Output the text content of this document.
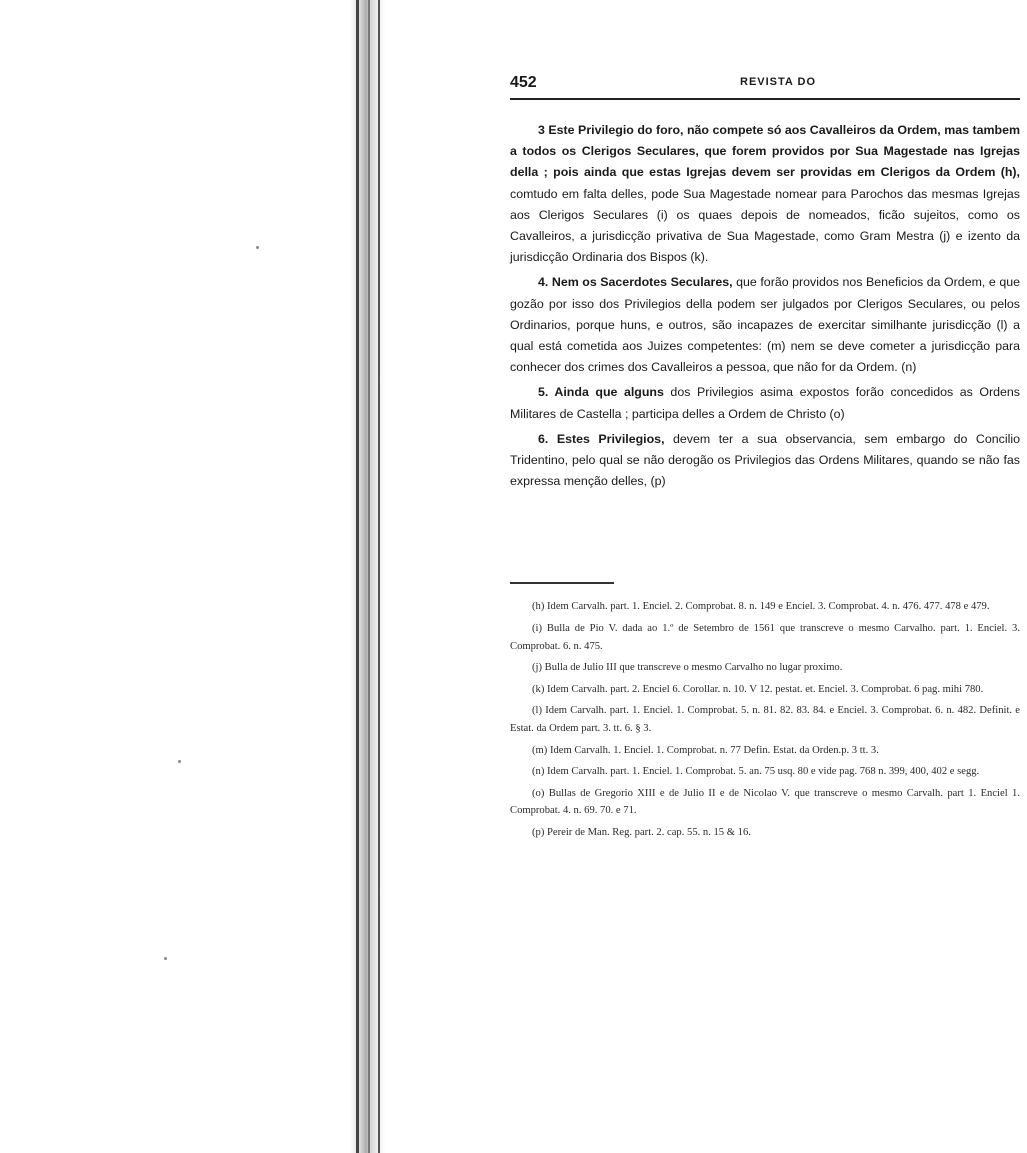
452	REVISTA DO

3 Este Privilegio do foro, não compete só aos Cavalleiros da Ordem, mas tambem a todos os Clerigos Seculares, que forem providos por Sua Magestade nas Igrejas della ; pois ainda que estas Igrejas devem ser providas em Clerigos da Ordem (h), comtudo em falta delles, pode Sua Magestade nomear para Parochos das mesmas Igrejas aos Clerigos Seculares (i) os quaes depois de nomeados, ficão sujeitos, como os Cavalleiros, a jurisdicção privativa de Sua Magestade, como Gram Mestra (j) e izento da jurisdicção Ordinaria dos Bispos (k).

4. Nem os Sacerdotes Seculares, que forão providos nos Beneficios da Ordem, e que gozão por isso dos Privilegios della podem ser julgados por Clerigos Seculares, ou pelos Ordinarios, porque huns, e outros, são incapazes de exercitar similhante jurisdicção (l) a qual está cometida aos Juizes competentes: (m) nem se deve cometer a jurisdicção para conhecer dos crimes dos Cavalleiros a pessoa, que não for da Ordem. (n)

5. Ainda que alguns dos Privilegios asima expostos forão concedidos as Ordens Militares de Castella ; participa delles a Ordem de Christo (o)

6. Estes Privilegios, devem ter a sua observancia, sem embargo do Concilio Tridentino, pelo qual se não derogão os Privilegios das Ordens Militares, quando se não fas expressa menção delles, (p)

(h) Idem Carvalh. part. 1. Enciel. 2. Comprobat. 8. n. 149 e Enciel. 3. Comprobat. 4. n. 476. 477. 478 e 479.

(i) Bulla de Pio V. dada ao 1.º de Setembro de 1561 que transcreve o mesmo Carvalho. part. 1. Enciel. 3. Comprobat. 6. n. 475.

(j) Bulla de Julio III que transcreve o mesmo Carvalho no lugar proximo.

(k) Idem Carvalh. part. 2. Enciel 6. Corollar. n. 10. V 12. pestat. et. Enciel. 3. Comprobat. 6 pag. mihi 780.

(l) Idem Carvalh. part. 1. Enciel. 1. Comprobat. 5. n. 81. 82. 83. 84. e Enciel. 3. Comprobat. 6. n. 482. Definit. e Estat. da Ordem part. 3. tt. 6. § 3.

(m) Idem Carvalh. 1. Enciel. 1. Comprobat. n. 77 Defin. Estat. da Orden.p. 3 tt. 3.

(n) Idem Carvalh. part. 1. Enciel. 1. Comprobat. 5. an. 75 usq. 80 e vide pag. 768 n. 399, 400, 402 e segg.

(o) Bullas de Gregorio XIII e de Julio II e de Nicolao V. que transcreve o mesmo Carvalh. part 1. Enciel 1. Comprobat. 4. n. 69. 70. e 71.

(p) Pereir de Man. Reg. part. 2. cap. 55. n. 15 & 16.
